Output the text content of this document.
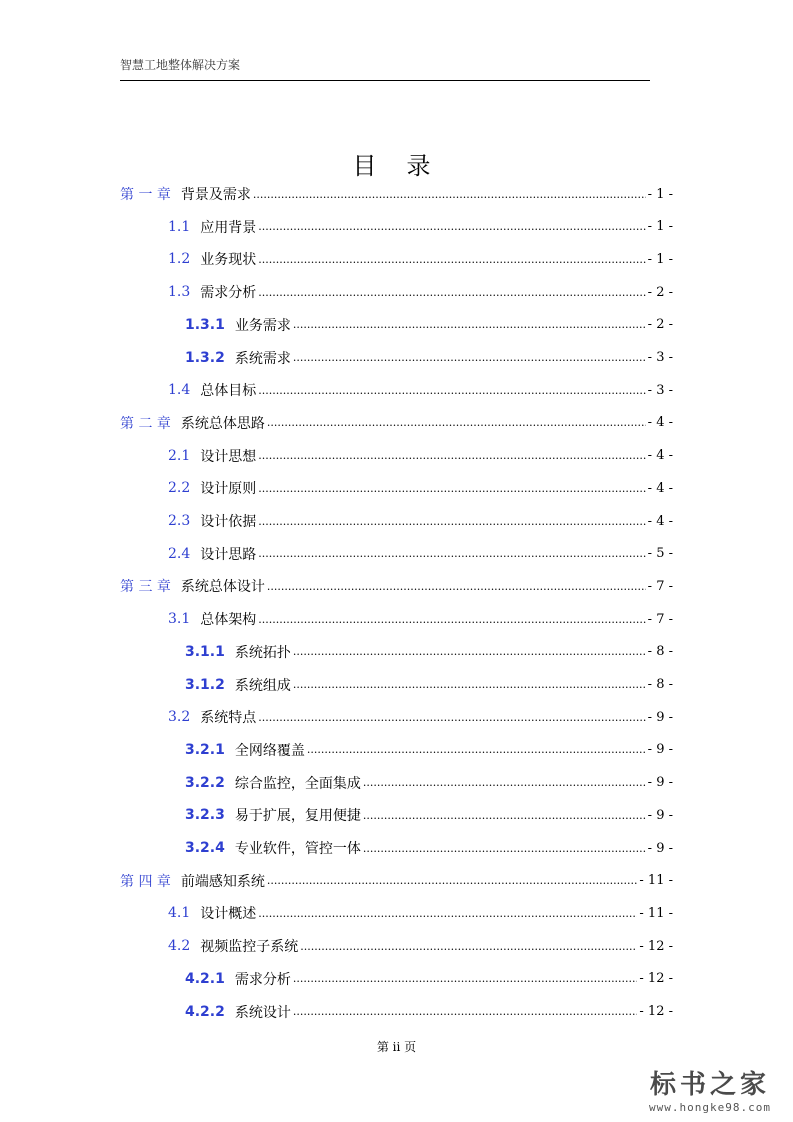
智慧工地整体解决方案
目录
第 一 章 背景及需求 .....	- 1 -
1.1 应用背景 .....	- 1 -
1.2 业务现状 .....	- 1 -
1.3 需求分析 .....	- 2 -
1.3.1 业务需求 .....	- 2 -
1.3.2 系统需求 .....	- 3 -
1.4 总体目标 .....	- 3 -
第 二 章 系统总体思路 .....	- 4 -
2.1 设计思想 .....	- 4 -
2.2 设计原则 .....	- 4 -
2.3 设计依据 .....	- 4 -
2.4 设计思路 .....	- 5 -
第 三 章 系统总体设计 .....	- 7 -
3.1 总体架构 .....	- 7 -
3.1.1 系统拓扑 .....	- 8 -
3.1.2 系统组成 .....	- 8 -
3.2 系统特点 .....	- 9 -
3.2.1 全网络覆盖 .....	- 9 -
3.2.2 综合监控，全面集成 .....	- 9 -
3.2.3 易于扩展，复用便捷 .....	- 9 -
3.2.4 专业软件，管控一体 .....	- 9 -
第 四 章 前端感知系统 .....	- 11 -
4.1 设计概述 .....	- 11 -
4.2 视频监控子系统 .....	- 12 -
4.2.1 需求分析 .....	- 12 -
4.2.2 系统设计 .....	- 12 -
第 ii 页
标书之家
www.hongke98.com
